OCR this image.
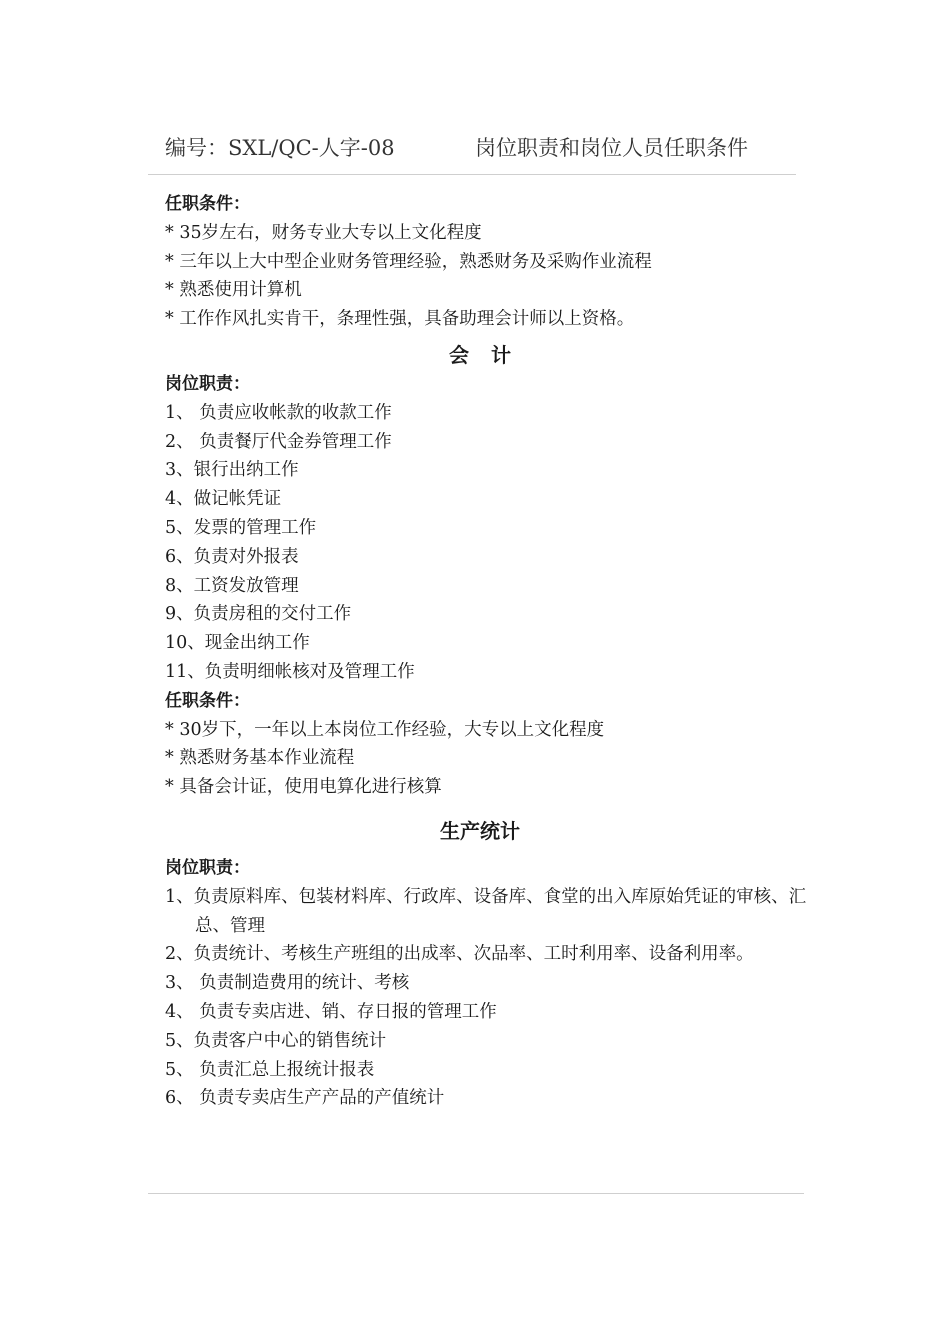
编号：SXL/QC-人字-08	岗位职责和岗位人员任职条件
任职条件：
* 35岁左右，财务专业大专以上文化程度
* 三年以上大中型企业财务管理经验，熟悉财务及采购作业流程
* 熟悉使用计算机
* 工作作风扎实肯干，条理性强，具备助理会计师以上资格。
会计
岗位职责：
1、 负责应收帐款的收款工作
2、 负责餐厅代金券管理工作
3、银行出纳工作
4、做记帐凭证
5、发票的管理工作
6、负责对外报表
8、工资发放管理
9、负责房租的交付工作
10、现金出纳工作
11、负责明细帐核对及管理工作
任职条件：
* 30岁下，一年以上本岗位工作经验，大专以上文化程度
* 熟悉财务基本作业流程
* 具备会计证，使用电算化进行核算
生产统计
岗位职责：
1、负责原料库、包装材料库、行政库、设备库、食堂的出入库原始凭证的审核、汇总、管理
2、负责统计、考核生产班组的出成率、次品率、工时利用率、设备利用率。
3、 负责制造费用的统计、考核
4、 负责专卖店进、销、存日报的管理工作
5、负责客户中心的销售统计
5、 负责汇总上报统计报表
6、 负责专卖店生产产品的产值统计
